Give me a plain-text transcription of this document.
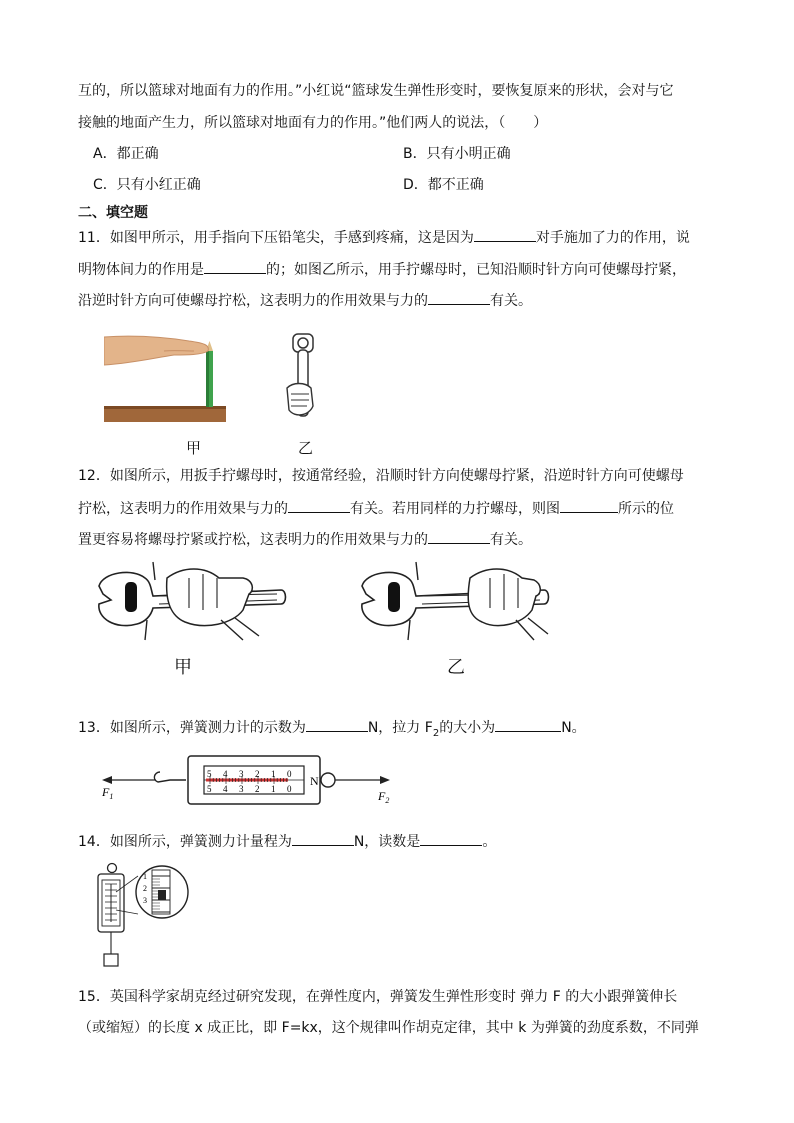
互的，所以篮球对地面有力的作用。”小红说“篮球发生弹性形变时，要恢复原来的形状，会对与它
接触的地面产生力，所以篮球对地面有力的作用。”他们两人的说法，（　　）
A．都正确	B．只有小明正确
C．只有小红正确	D．都不正确
二、填空题
11．如图甲所示，用手指向下压铅笔尖，手感到疼痛，这是因为	对手施加了力的作用，说
明物体间力的作用是	的；如图乙所示，用手拧螺母时，已知沿顺时针方向可使螺母拧紧，
沿逆时针方向可使螺母拧松，这表明力的作用效果与力的	有关。
甲	乙
12．如图所示，用扳手拧螺母时，按通常经验，沿顺时针方向使螺母拧紧，沿逆时针方向可使螺母
拧松，这表明力的作用效果与力的	有关。若用同样的力拧螺母，则图	所示的位
置更容易将螺母拧紧或拧松，这表明力的作用效果与力的	有关。
甲	乙
13．如图所示，弹簧测力计的示数为	N，拉力 $F_2$的大小为	N。
5
5
4
4
3
3
2
2
1
1
0
0
N
$F_1$	$F_2$
14．如图所示，弹簧测力计量程为	N，读数是	。
1
2
3
15．英国科学家胡克经过研究发现，在弹性度内，弹簧发生弹性形变时 弹力 F 的大小跟弹簧伸长
（或缩短）的长度 x 成正比，即 F=kx，这个规律叫作胡克定律，其中 k 为弹簧的劲度系数，不同弹
